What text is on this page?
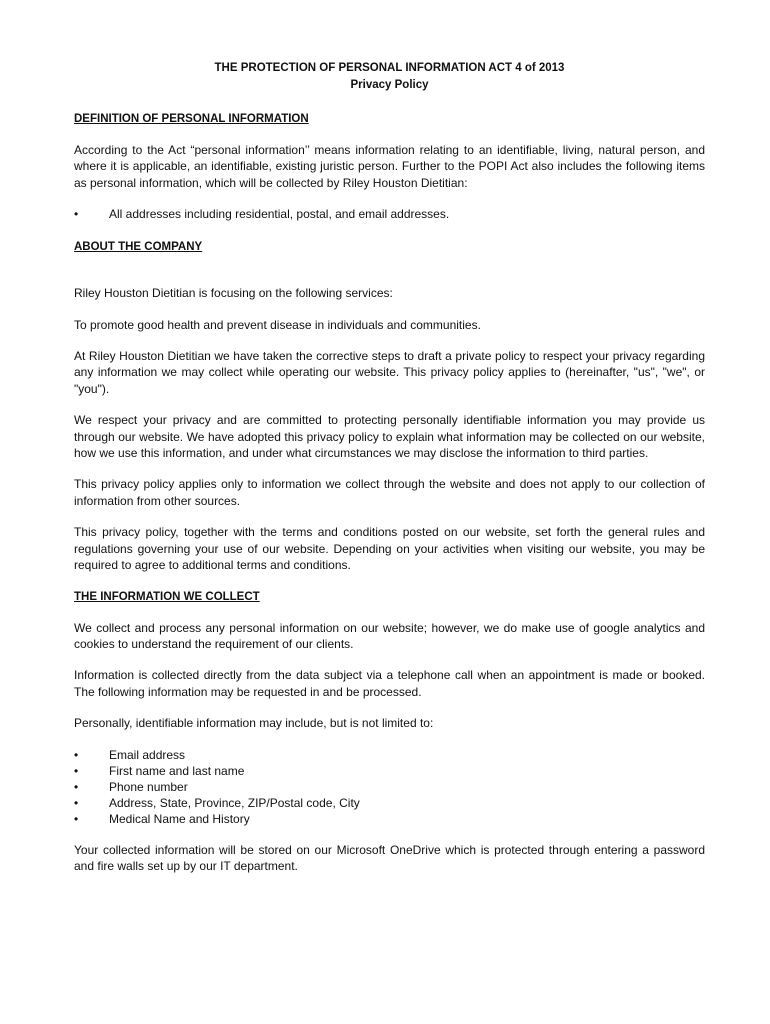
THE PROTECTION OF PERSONAL INFORMATION ACT 4 of 2013
Privacy Policy
DEFINITION OF PERSONAL INFORMATION

According to the Act “personal information’’ means information relating to an identifiable, living, natural person, and where it is applicable, an identifiable, existing juristic person. Further to the POPI Act also includes the following items as personal information, which will be collected by Riley Houston Dietitian:

•	All addresses including residential, postal, and email addresses.
ABOUT THE COMPANY

Riley Houston Dietitian is focusing on the following services:

To promote good health and prevent disease in individuals and communities.

At Riley Houston Dietitian we have taken the corrective steps to draft a private policy to respect your privacy regarding any information we may collect while operating our website. This privacy policy applies to (hereinafter, "us", "we", or "you").

We respect your privacy and are committed to protecting personally identifiable information you may provide us through our website. We have adopted this privacy policy to explain what information may be collected on our website, how we use this information, and under what circumstances we may disclose the information to third parties.

This privacy policy applies only to information we collect through the website and does not apply to our collection of information from other sources.

This privacy policy, together with the terms and conditions posted on our website, set forth the general rules and regulations governing your use of our website. Depending on your activities when visiting our website, you may be required to agree to additional terms and conditions.

THE INFORMATION WE COLLECT

We collect and process any personal information on our website; however, we do make use of google analytics and cookies to understand the requirement of our clients.

Information is collected directly from the data subject via a telephone call when an appointment is made or booked. The following information may be requested in and be processed.

Personally, identifiable information may include, but is not limited to:

•	Email address
•	First name and last name
•	Phone number
•	Address, State, Province, ZIP/Postal code, City
•	Medical Name and History

Your collected information will be stored on our Microsoft OneDrive which is protected through entering a password and fire walls set up by our IT department.
